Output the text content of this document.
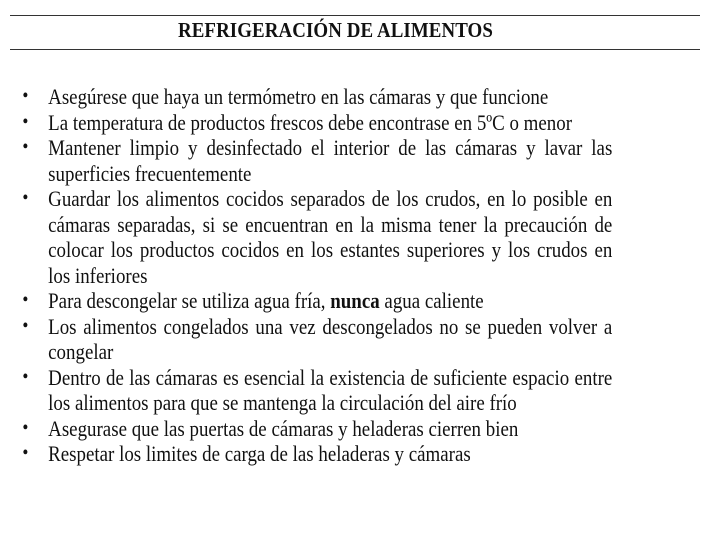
REFRIGERACIÓN DE ALIMENTOS
• Asegúrese que haya un termómetro en las cámaras y que funcione
• La temperatura de productos frescos debe encontrase en 5ºC o menor
• Mantener limpio y desinfectado el interior de las cámaras y lavar las superficies frecuentemente
• Guardar los alimentos cocidos separados de los crudos, en lo posible en cámaras separadas, si se encuentran en la misma tener la precaución de colocar los productos cocidos en los estantes superiores y los crudos en los inferiores
• Para descongelar se utiliza agua fría, nunca agua caliente
• Los alimentos congelados una vez descongelados no se pueden volver a congelar
• Dentro de las cámaras es esencial la existencia de suficiente espacio entre los alimentos para que se mantenga la circulación del aire frío
• Asegurase que las puertas de cámaras y heladeras cierren bien
• Respetar los limites de carga de las heladeras y cámaras
